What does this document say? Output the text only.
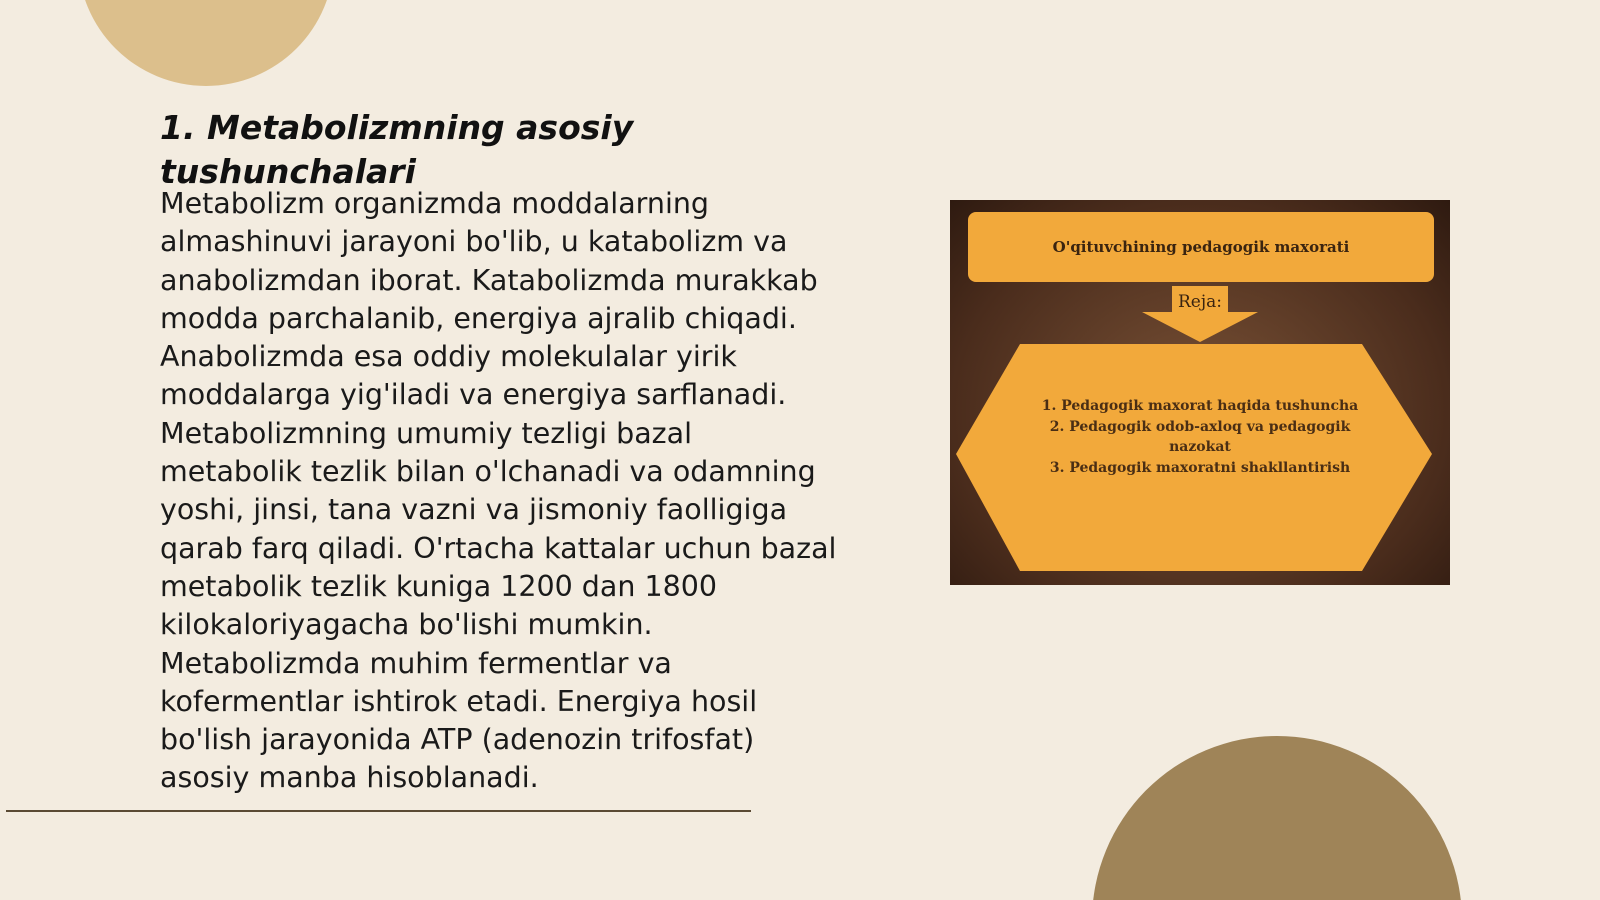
1. Metabolizmning asosiy tushunchalari

Metabolizm organizmda moddalarning almashinuvi jarayoni bo'lib, u katabolizm va anabolizmdan iborat. Katabolizmda murakkab modda parchalanib, energiya ajralib chiqadi. Anabolizmda esa oddiy molekulalar yirik moddalarga yig'iladi va energiya sarflanadi. Metabolizmning umumiy tezligi bazal metabolik tezlik bilan o'lchanadi va odamning yoshi, jinsi, tana vazni va jismoniy faolligiga qarab farq qiladi. O'rtacha kattalar uchun bazal metabolik tezlik kuniga 1200 dan 1800 kilokaloriyagacha bo'lishi mumkin. Metabolizmda muhim fermentlar va kofermentlar ishtirok etadi. Energiya hosil bo'lish jarayonida ATP (adenozin trifosfat) asosiy manba hisoblanadi.

O'qituvchining pedagogik maxorati
Reja:
1. Pedagogik maxorat haqida tushuncha
2. Pedagogik odob-axloq va pedagogik nazokat
3. Pedagogik maxoratni shakllantirish
